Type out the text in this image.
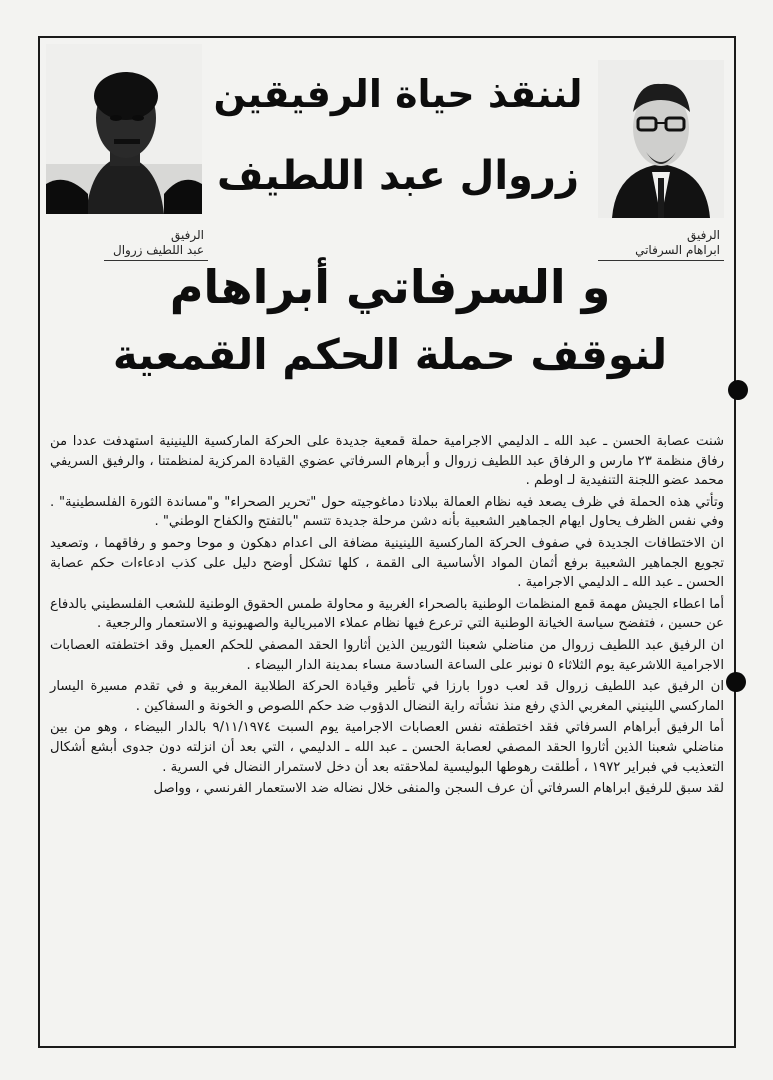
الرفيق
عبد اللطيف زروال
الرفيق
ابراهام السرفاتي
لننقذ حياة الرفيقين
زروال عبد اللطيف
و السرفاتي أبراهام
لنوقف حملة الحكم القمعية

شنت عصابة الحسن ـ عبد الله ـ الدليمي الاجرامية حملة قمعية جديدة على الحركة الماركسية اللينينية استهدفت عددا من رفاق منظمة ٢٣ مارس و الرفاق عبد اللطيف زروال و أبرهام السرفاتي عضوي القيادة المركزية لمنظمتنا ، والرفيق السريفي محمد عضو اللجنة التنفيدية لـ اوطم .

وتأتي هذه الحملة في ظرف يصعد فيه نظام العمالة ببلادنا دماغوجيته حول "تحرير الصحراء" و"مساندة الثورة الفلسطينية" . وفي نفس الظرف يحاول ايهام الجماهير الشعبية بأنه دشن مرحلة جديدة تتسم "بالتفتح والكفاح الوطني" .

ان الاختطافات الجديدة في صفوف الحركة الماركسية اللينينية مضافة الى اعدام دهكون و موحا وحمو و رفاقهما ، وتصعيد تجويع الجماهير الشعبية برفع أثمان المواد الأساسية الى القمة ، كلها تشكل أوضح دليل على كذب ادعاءات حكم عصابة الحسن ـ عبد الله ـ الدليمي الاجرامية .

أما اعطاء الجيش مهمة قمع المنظمات الوطنية بالصحراء الغربية و محاولة طمس الحقوق الوطنية للشعب الفلسطيني بالدفاع عن حسين ، فتفضح سياسة الخيانة الوطنية التي ترعرع فيها نظام عملاء الامبريالية والصهيونية و الاستعمار والرجعية .

ان الرفيق عبد اللطيف زروال من مناضلي شعبنا الثوريين الذين أثاروا الحقد المصفي للحكم العميل وقد اختطفته العصابات الاجرامية اللاشرعية يوم الثلاثاء ٥ نونبر على الساعة السادسة مساء بمدينة الدار البيضاء .

ان الرفيق عبد اللطيف زروال قد لعب دورا بارزا في تأطير وقيادة الحركة الطلابية المغربية و في تقدم مسيرة اليسار الماركسي اللينيني المغربي الذي رفع منذ نشأته راية النضال الدؤوب ضد حكم اللصوص و الخونة و السفاكين .

أما الرفيق أبراهام السرفاتي فقد اختطفته نفس العصابات الاجرامية يوم السبت ٩/١١/١٩٧٤ بالدار البيضاء ، وهو من بين مناضلي شعبنا الذين أثاروا الحقد المصفي لعصابة الحسن ـ عبد الله ـ الدليمي ، التي بعد أن انزلته دون جدوى أبشع أشكال التعذيب في فبراير ١٩٧٢ ، أطلقت رهوطها البوليسية لملاحقته بعد أن دخل لاستمرار النضال في السرية .

لقد سبق للرفيق ابراهام السرفاتي أن عرف السجن والمنفى خلال نضاله ضد الاستعمار الفرنسي ، وواصل
